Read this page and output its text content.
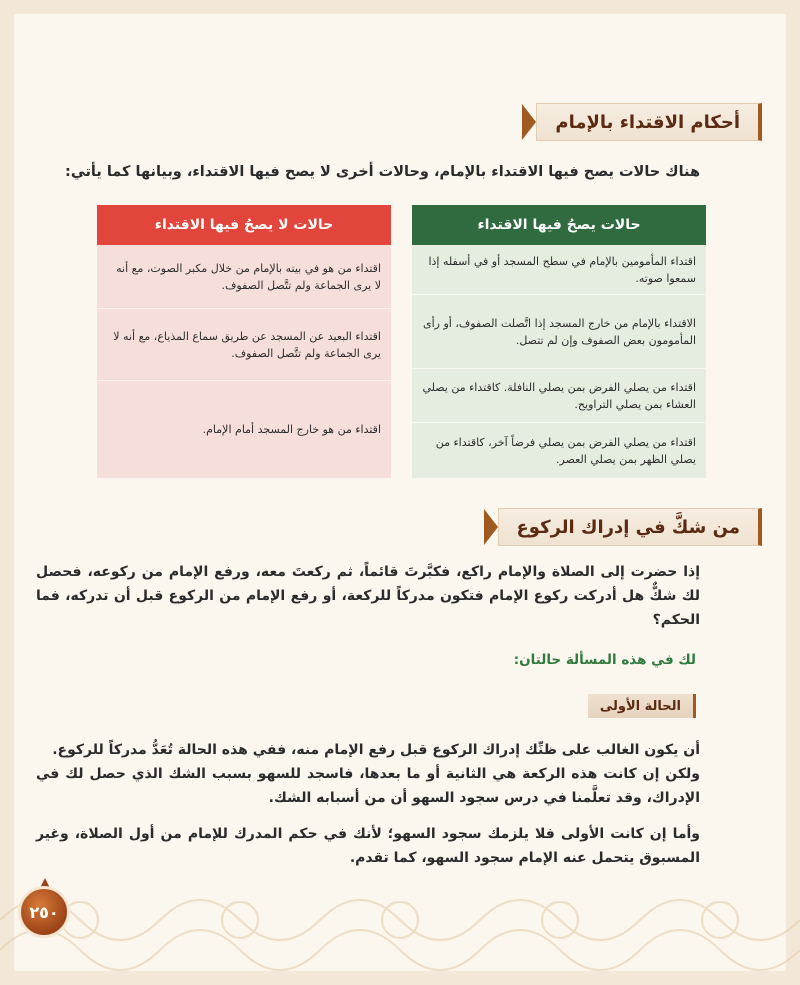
أحكام الاقتداء بالإمام
هناك حالات يصح فيها الاقتداء بالإمام، وحالات أخرى لا يصح فيها الاقتداء، وبيانها كما يأتي:
حالات يصحُ فيها الاقتداء
اقتداء المأمومين بالإمام في سطح المسجد أو في أسفله إذا سمعوا صوته.
الاقتداء بالإمام من خارج المسجد إذا اتَّصلت الصفوف، أو رأى المأمومون بعض الصفوف وإن لم تتصل.
اقتداء من يصلي الفرض بمن يصلي النافلة. كاقتداء من يصلي العشاء بمن يصلي التراويح.
اقتداء من يصلي الفرض بمن يصلي فرضاً آخر، كاقتداء من يصلي الظهر بمن يصلي العصر.
حالات لا يصحُ فيها الاقتداء
اقتداء من هو في بيته بالإمام من خلال مكبر الصوت، مع أنه لا يرى الجماعة ولم تتَّصل الصفوف.
اقتداء البعيد عن المسجد عن طريق سماع المذياع، مع أنه لا يرى الجماعة ولم تتَّصل الصفوف.
اقتداء من هو خارج المسجد أمام الإمام.
من شكَّ في إدراك الركوع
إذا حضرت إلى الصلاة والإمام راكع، فكبَّرتَ قائماً، ثم ركعتَ معه، ورفع الإمام من ركوعه، فحصل لك شكٌّ هل أدركت ركوع الإمام فتكون مدركاً للركعة، أو رفع الإمام من الركوع قبل أن تدركه، فما الحكم؟
لك في هذه المسألة حالتان:
الحالة الأولى
أن يكون الغالب على ظنِّك إدراك الركوع قبل رفع الإمام منه، ففي هذه الحالة تُعَدُّ مدركاً للركوع.
ولكن إن كانت هذه الركعة هي الثانية أو ما بعدها، فاسجد للسهو بسبب الشك الذي حصل لك في الإدراك، وقد تعلَّمنا في درس سجود السهو أن من أسبابه الشك.
وأما إن كانت الأولى فلا يلزمك سجود السهو؛ لأنك في حكم المدرك للإمام من أول الصلاة، وغير المسبوق يتحمل عنه الإمام سجود السهو، كما تقدم.
٢٥٠
